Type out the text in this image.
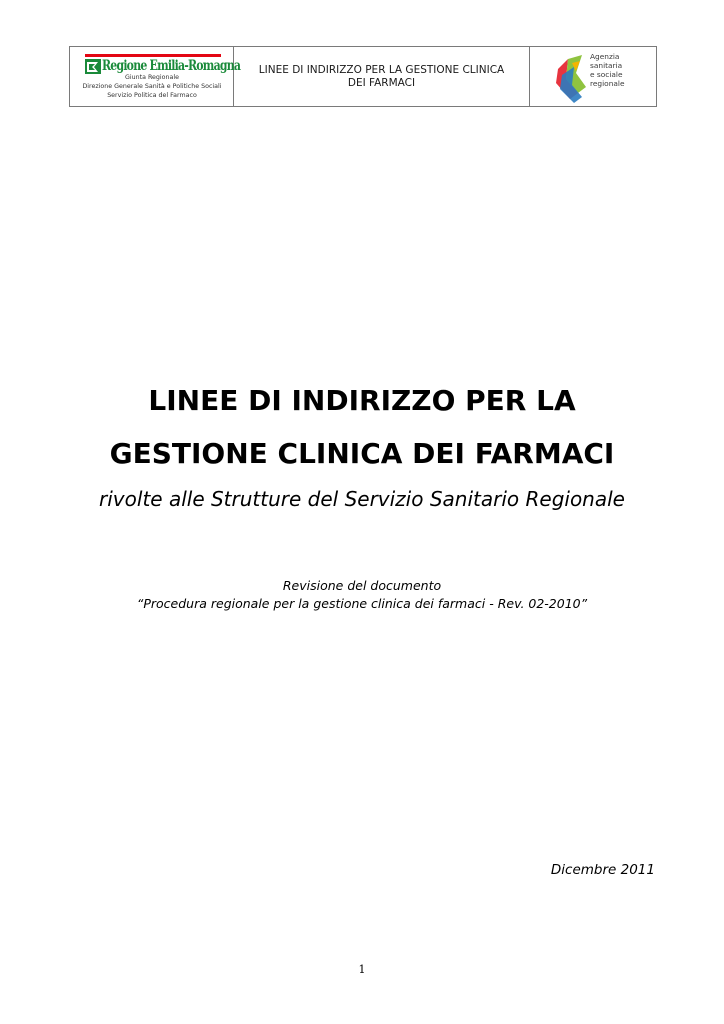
Regione Emilia-Romagna
Giunta Regionale
Direzione Generale Sanità e Politiche Sociali
Servizio Politica del Farmaco
LINEE DI INDIRIZZO PER LA GESTIONE CLINICA
DEI FARMACI
Agenzia
sanitaria
e sociale
regionale
LINEE DI INDIRIZZO PER LA
GESTIONE CLINICA DEI FARMACI
rivolte alle Strutture del Servizio Sanitario Regionale
Revisione del documento
“Procedura regionale per la gestione clinica dei farmaci - Rev. 02-2010”
Dicembre 2011
1
